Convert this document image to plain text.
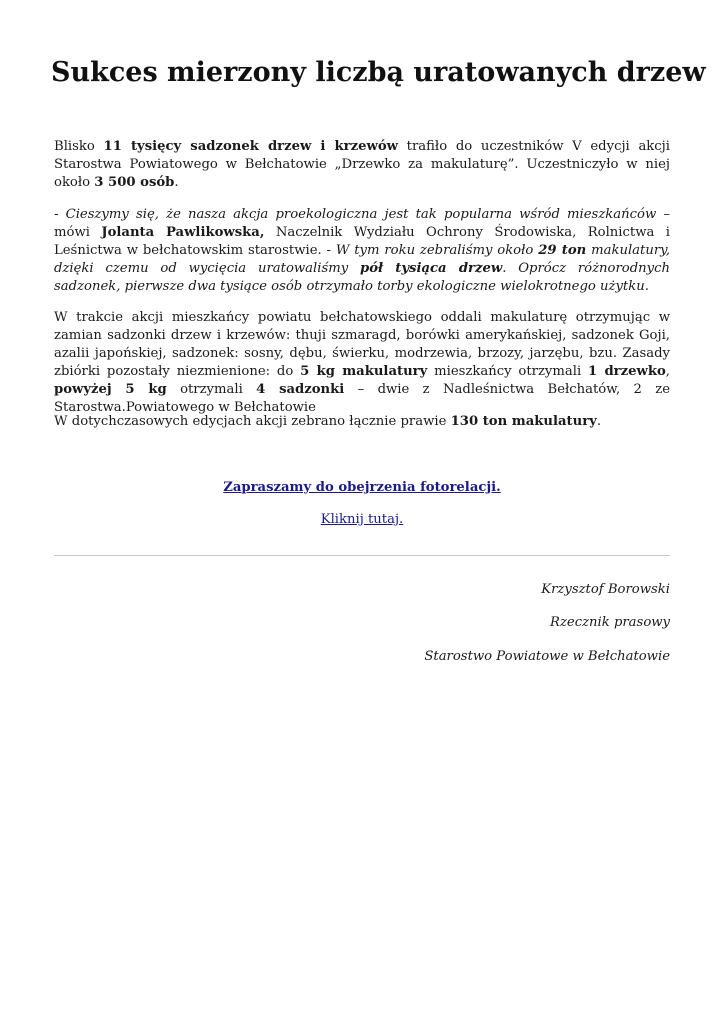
Sukces mierzony liczbą uratowanych drzew

Blisko 11 tysięcy sadzonek drzew i krzewów trafiło do uczestników V edycji akcji Starostwa Powiatowego w Bełchatowie „Drzewko za makulaturę”. Uczestniczyło w niej około 3 500 osób.

- Cieszymy się, że nasza akcja proekologiczna jest tak popularna wśród mieszkańców – mówi Jolanta Pawlikowska, Naczelnik Wydziału Ochrony Środowiska, Rolnictwa i Leśnictwa w bełchatowskim starostwie. - W tym roku zebraliśmy około 29 ton makulatury, dzięki czemu od wycięcia uratowaliśmy pół tysiąca drzew. Oprócz różnorodnych sadzonek, pierwsze dwa tysiące osób otrzymało torby ekologiczne wielokrotnego użytku.

W trakcie akcji mieszkańcy powiatu bełchatowskiego oddali makulaturę otrzymując w zamian sadzonki drzew i krzewów: thuji szmaragd, borówki amerykańskiej, sadzonek Goji, azalii japońskiej, sadzonek: sosny, dębu, świerku, modrzewia, brzozy, jarzębu, bzu. Zasady zbiórki pozostały niezmienione: do 5 kg makulatury mieszkańcy otrzymali 1 drzewko, powyżej 5 kg otrzymali 4 sadzonki – dwie z Nadleśnictwa Bełchatów, 2 ze Starostwa.Powiatowego w Bełchatowie

W dotychczasowych edycjach akcji zebrano łącznie prawie 130 ton makulatury.

Zapraszamy do obejrzenia fotorelacji.

Kliknij tutaj.

Krzysztof Borowski

Rzecznik prasowy

Starostwo Powiatowe w Bełchatowie
